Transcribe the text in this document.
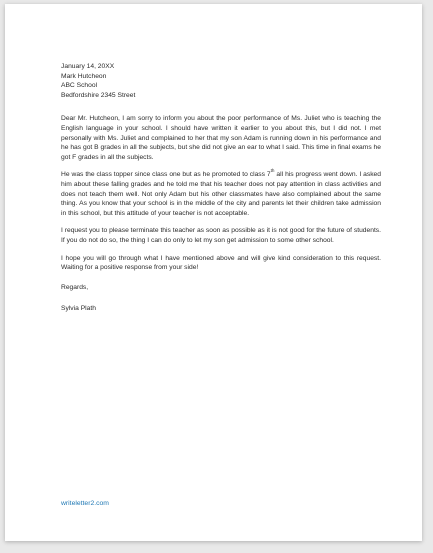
January 14, 20XX

Mark Hutcheon

ABC School

Bedfordshire 2345 Street

Dear Mr. Hutcheon, I am sorry to inform you about the poor performance of Ms. Juliet who is teaching the English language in your school. I should have written it earlier to you about this, but I did not. I met personally with Ms. Juliet and complained to her that my son Adam is running down in his performance and he has got B grades in all the subjects, but she did not give an ear to what I said. This time in final exams he got F grades in all the subjects.

He was the class topper since class one but as he promoted to class 7th all his progress went down. I asked him about these falling grades and he told me that his teacher does not pay attention in class activities and does not teach them well. Not only Adam but his other classmates have also complained about the same thing. As you know that your school is in the middle of the city and parents let their children take admission in this school, but this attitude of your teacher is not acceptable.

I request you to please terminate this teacher as soon as possible as it is not good for the future of students. If you do not do so, the thing I can do only to let my son get admission to some other school.

I hope you will go through what I have mentioned above and will give kind consideration to this request. Waiting for a positive response from your side!

Regards,

Sylvia Plath

writeletter2.com
